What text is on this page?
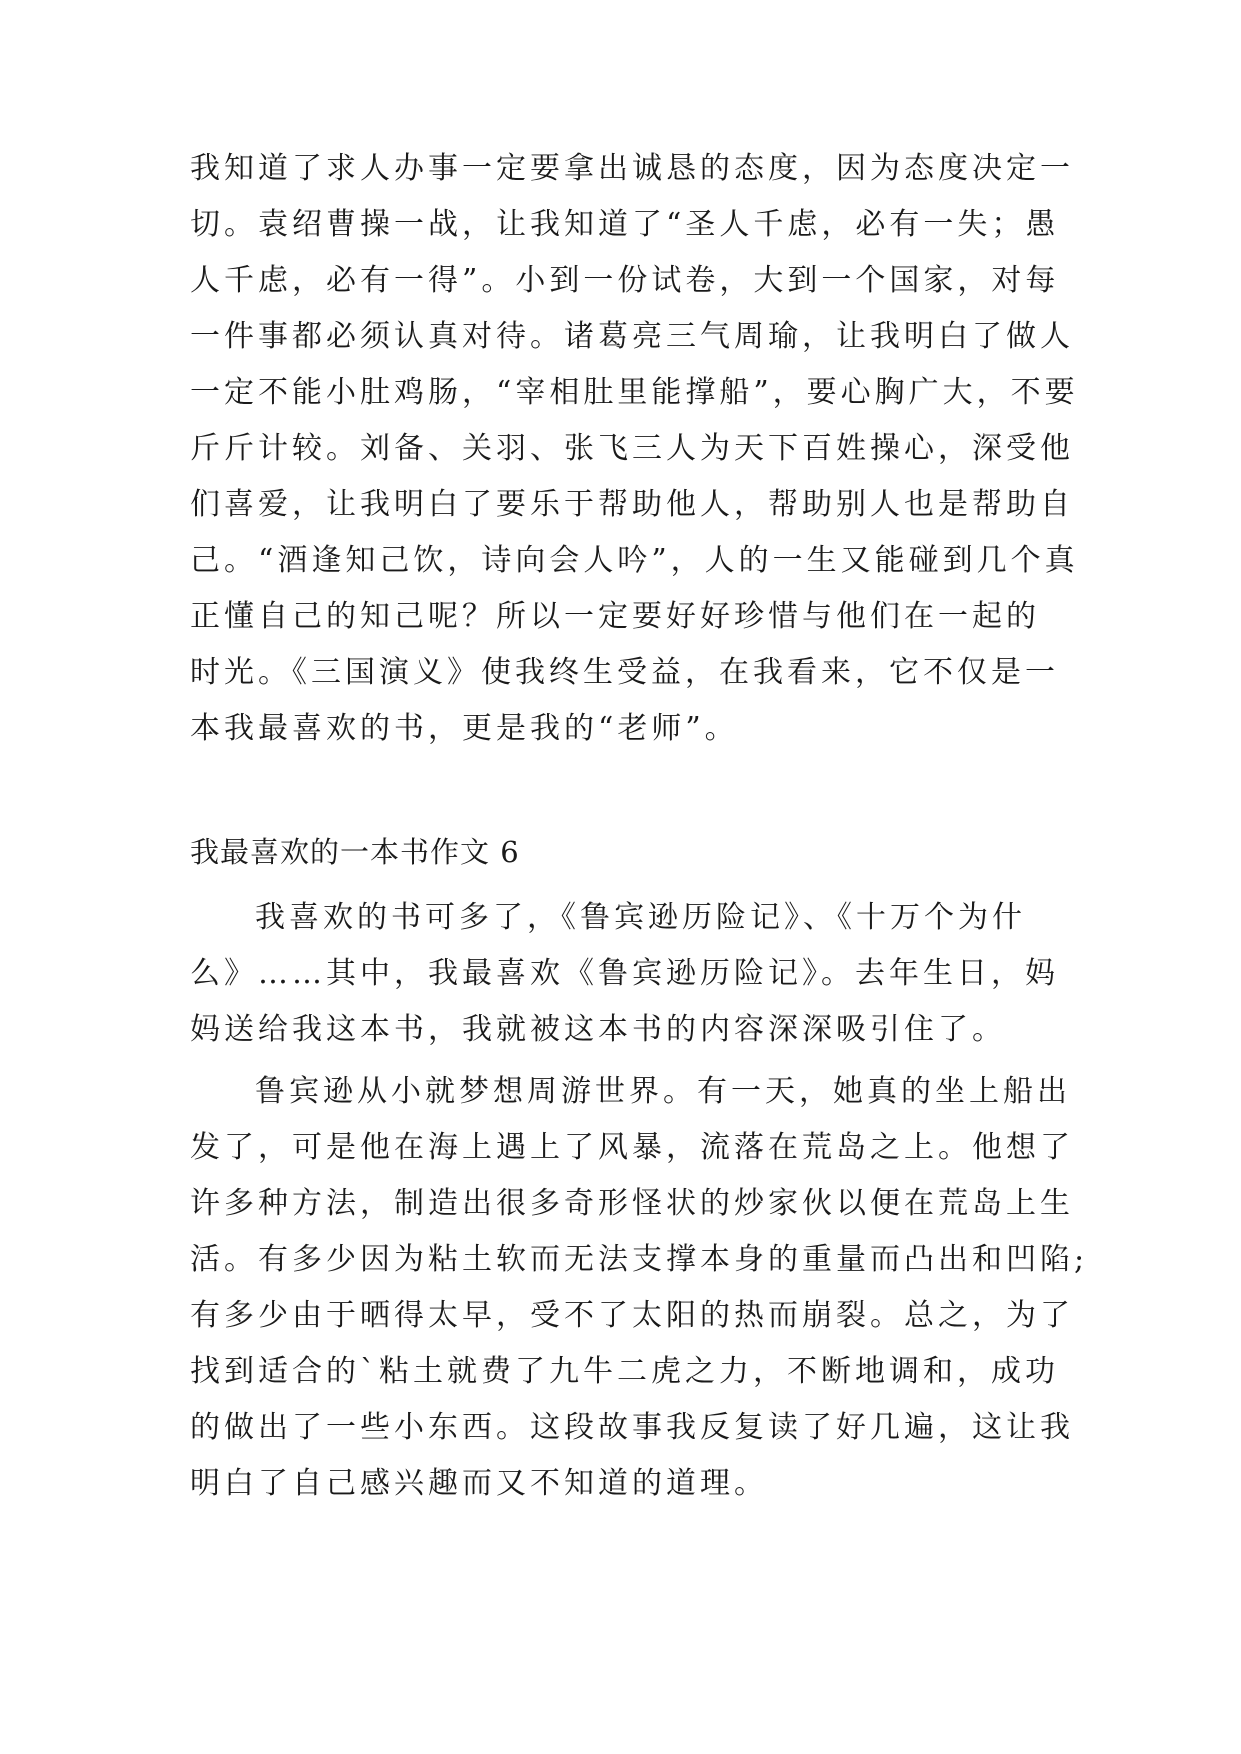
我知道了求人办事一定要拿出诚恳的态度，因为态度决定一
切。袁绍曹操一战，让我知道了“圣人千虑，必有一失；愚
人千虑，必有一得”。小到一份试卷，大到一个国家，对每
一件事都必须认真对待。诸葛亮三气周瑜，让我明白了做人
一定不能小肚鸡肠，“宰相肚里能撑船”，要心胸广大，不要
斤斤计较。刘备、关羽、张飞三人为天下百姓操心，深受他
们喜爱，让我明白了要乐于帮助他人，帮助别人也是帮助自
己。“酒逢知己饮，诗向会人吟”，人的一生又能碰到几个真
正懂自己的知己呢？所以一定要好好珍惜与他们在一起的
时光。《三国演义》使我终生受益，在我看来，它不仅是一
本我最喜欢的书，更是我的“老师”。
我最喜欢的一本书作文 6
我喜欢的书可多了，《鲁宾逊历险记》、《十万个为什
么》……其中，我最喜欢《鲁宾逊历险记》。去年生日，妈
妈送给我这本书，我就被这本书的内容深深吸引住了。
鲁宾逊从小就梦想周游世界。有一天，她真的坐上船出
发了，可是他在海上遇上了风暴，流落在荒岛之上。他想了
许多种方法，制造出很多奇形怪状的炒家伙以便在荒岛上生
活。有多少因为粘土软而无法支撑本身的重量而凸出和凹陷;
有多少由于晒得太早，受不了太阳的热而崩裂。总之，为了
找到适合的`粘土就费了九牛二虎之力，不断地调和，成功
的做出了一些小东西。这段故事我反复读了好几遍，这让我
明白了自己感兴趣而又不知道的道理。
